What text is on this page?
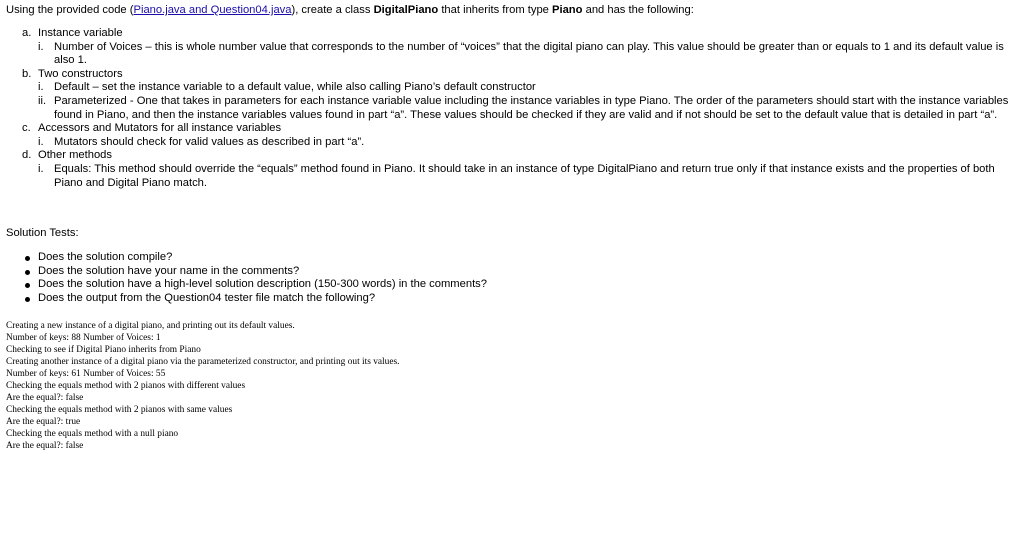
Using the provided code (Piano.java and Question04.java), create a class DigitalPiano that inherits from type Piano and has the following:
a. Instance variable
i. Number of Voices – this is whole number value that corresponds to the number of “voices” that the digital piano can play. This value should be greater than or equals to 1 and its default value is also 1.
b. Two constructors
i. Default – set the instance variable to a default value, while also calling Piano’s default constructor
ii. Parameterized - One that takes in parameters for each instance variable value including the instance variables in type Piano. The order of the parameters should start with the instance variables found in Piano, and then the instance variables values found in part “a”. These values should be checked if they are valid and if not should be set to the default value that is detailed in part “a”.
c. Accessors and Mutators for all instance variables
i. Mutators should check for valid values as described in part “a”.
d. Other methods
i. Equals: This method should override the “equals” method found in Piano. It should take in an instance of type DigitalPiano and return true only if that instance exists and the properties of both Piano and Digital Piano match.
Solution Tests:
Does the solution compile?
Does the solution have your name in the comments?
Does the solution have a high-level solution description (150-300 words) in the comments?
Does the output from the Question04 tester file match the following?
Creating a new instance of a digital piano, and printing out its default values.
Number of keys: 88 Number of Voices: 1
Checking to see if Digital Piano inherits from Piano
Creating another instance of a digital piano via the parameterized constructor, and printing out its values.
Number of keys: 61 Number of Voices: 55
Checking the equals method with 2 pianos with different values
Are the equal?: false
Checking the equals method with 2 pianos with same values
Are the equal?: true
Checking the equals method with a null piano
Are the equal?: false
